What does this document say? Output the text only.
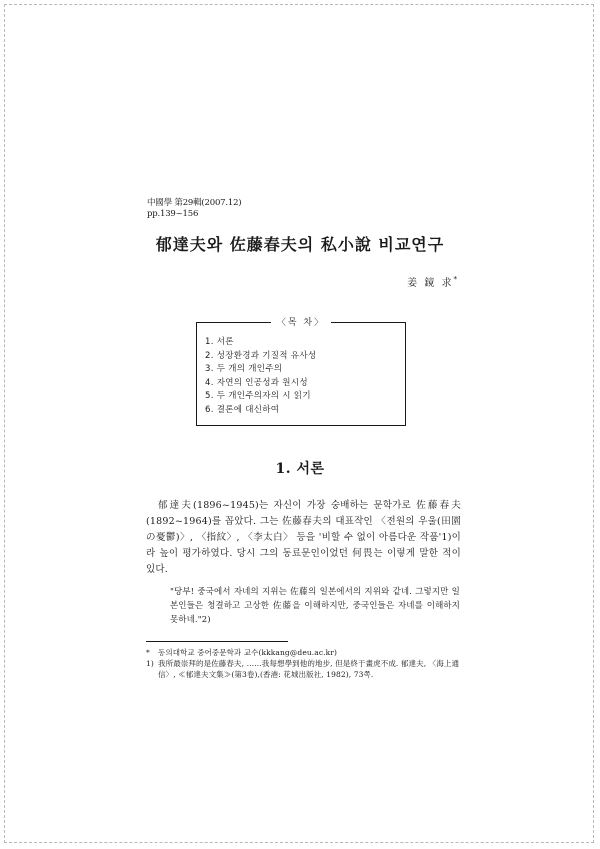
中國學 第29輯(2007.12)
pp.139~156
郁達夫와 佐藤春夫의 私小說 비교연구
姜 鏡 求*
〈목 차〉
1. 서론
2. 성장환경과 기질적 유사성
3. 두 개의 개인주의
4. 자연의 인공성과 원시성
5. 두 개인주의자의 시 읽기
6. 결론에 대신하여
1. 서론

郁達夫(1896~1945)는 자신이 가장 숭배하는 문학가로 佐藤春夫(1892~1964)를 꼽았다. 그는 佐藤春夫의 대표작인 〈전원의 우울(田園の憂鬱)〉, 〈指紋〉, 〈李太白〉 등을 '비할 수 없이 아름다운 작품'1)이라 높이 평가하였다. 당시 그의 동료문인이었던 何畏는 이렇게 말한 적이 있다.

"당부! 중국에서 자네의 지위는 佐藤의 일본에서의 지위와 같네. 그렇지만 일본인들은 청결하고 고상한 佐藤을 이해하지만, 중국인들은 자네를 이해하지 못하네."2)

* 동의대학교 중어중문학과 교수(kkkang@deu.ac.kr)

1) 我所最崇拜的是佐藤春夫, ……我每想學到他的地步, 但是終于畫虎不成. 郁達夫, 〈海上通信〉, ≪郁達夫文集≫(第3卷),(香港: 花城出版社, 1982), 73쪽.
